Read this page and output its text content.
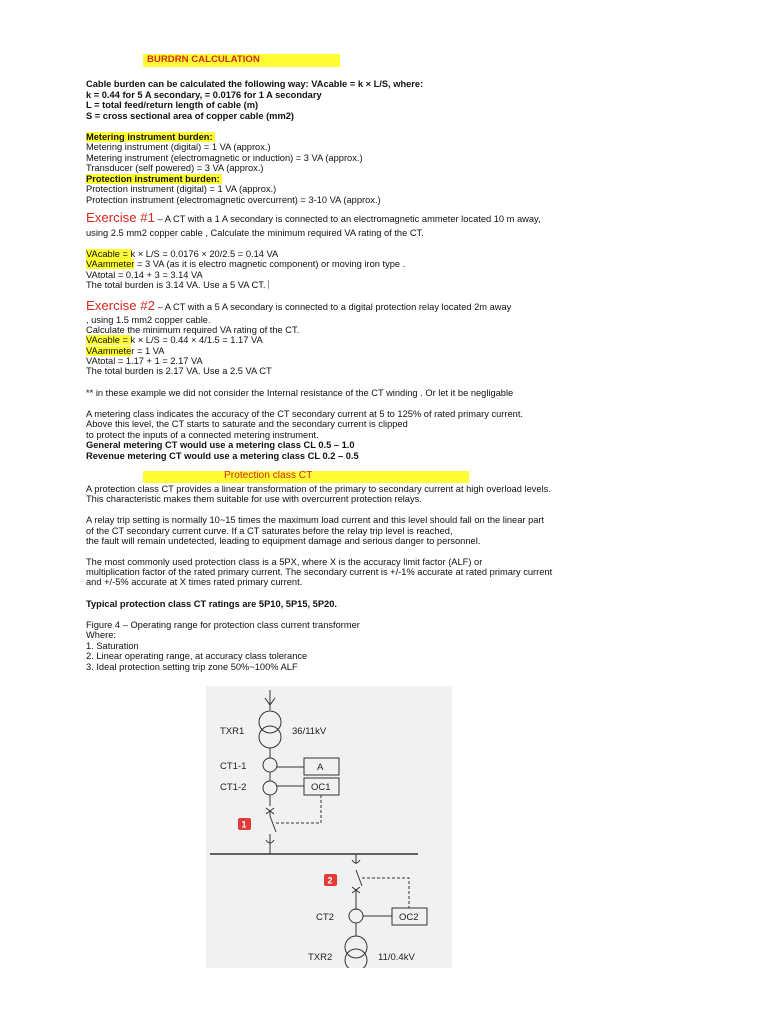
BURDRN CALCULATION
Cable burden can be calculated the following way: VAcable = k × L/S, where:
k = 0.44 for 5 A secondary, = 0.0176 for 1 A secondary
L = total feed/return length of cable (m)
S = cross sectional area of copper cable (mm2)
Metering instrument burden:
Metering instrument (digital) = 1 VA (approx.)
Metering instrument (electromagnetic or induction) = 3 VA (approx.)
Transducer (self powered) = 3 VA (approx.)
Protection instrument burden:
Protection instrument (digital) = 1 VA (approx.)
Protection instrument (electromagnetic overcurrent) = 3-10 VA (approx.)
Exercise #1 – A CT with a 1 A secondary is connected to an electromagnetic ammeter located 10 m away,
using 2.5 mm2 copper cable , Calculate the minimum required VA rating of the CT.
VAcable = k × L/S = 0.0176 × 20/2.5 = 0.14 VA
VAammeter = 3 VA (as it is electro magnetic component) or moving iron type .
VAtotal = 0.14 + 3 = 3.14 VA
The total burden is 3.14 VA. Use a 5 VA CT.
Exercise #2 – A CT with a 5 A secondary is connected to a digital protection relay located 2m away
, using 1.5 mm2 copper cable.
Calculate the minimum required VA rating of the CT.
VAcable = k × L/S = 0.44 × 4/1.5 = 1.17 VA
VAammeter = 1 VA
VAtotal = 1.17 + 1 = 2.17 VA
The total burden is 2.17 VA. Use a 2.5 VA CT
** in these example we did not consider the Internal resistance of the CT winding . Or let it be negligable
A metering class indicates the accuracy of the CT secondary current at 5 to 125% of rated primary current.
Above this level, the CT starts to saturate and the secondary current is clipped
to protect the inputs of a connected metering instrument.
General metering CT would use a metering class CL 0.5 – 1.0
Revenue metering CT would use a metering class CL 0.2 – 0.5
Protection class CT
A protection class CT provides a linear transformation of the primary to secondary current at high overload levels.
This characteristic makes them suitable for use with overcurrent protection relays.
A relay trip setting is normally 10~15 times the maximum load current and this level should fall on the linear part
of the CT secondary current curve. If a CT saturates before the relay trip level is reached,
the fault will remain undetected, leading to equipment damage and serious danger to personnel.
The most commonly used protection class is a 5PX, where X is the accuracy limit factor (ALF) or
multiplication factor of the rated primary current. The secondary current is +/-1% accurate at rated primary current
and +/-5% accurate at X times rated primary current.
Typical protection class CT ratings are 5P10, 5P15, 5P20.
Figure 4 – Operating range for protection class current transformer
Where:
1. Saturation
2. Linear operating range, at accuracy class tolerance
3. Ideal protection setting trip zone 50%~100% ALF
1
2
TXR1	36/11kV
CT1-1
CT1-2
A
OC1
CT2	OC2
TXR2	11/0.4kV
